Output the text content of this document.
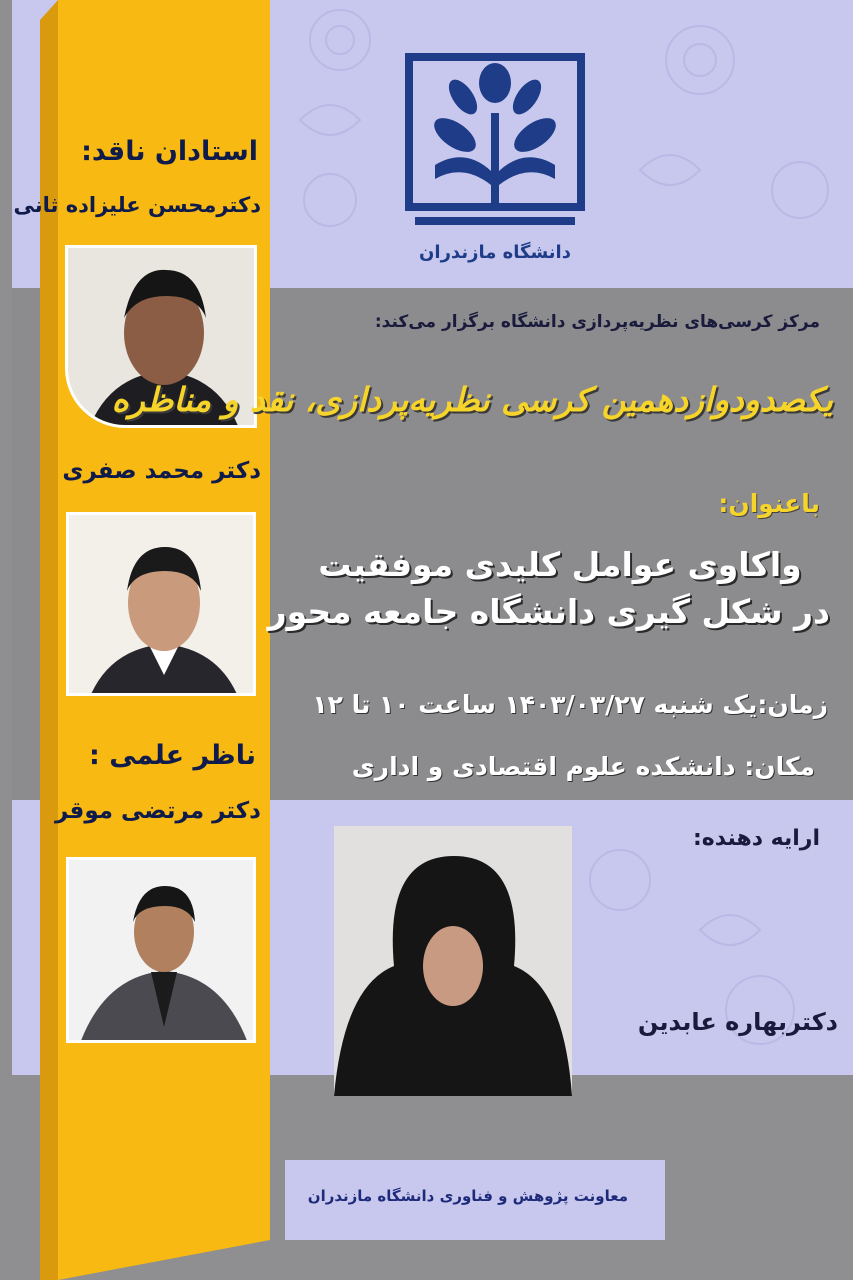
استادان ناقد:
دکترمحسن علیزاده ثانی
دکتر محمد صفری
ناظر علمی :
دکتر مرتضی موقر
دانشگاه مازندران
مرکز کرسی‌های نظریه‌پردازی دانشگاه برگزار می‌کند:
یکصدودوازدهمین کرسی نظریه‌پردازی، نقد و مناظره
باعنوان:
واکاوی عوامل کلیدی موفقیت
در شکل گیری دانشگاه جامعه محور
زمان:یک شنبه ۱۴۰۳/۰۳/۲۷ ساعت ۱۰ تا ۱۲
مکان: دانشکده علوم اقتصادی و اداری
ارایه دهنده:
دکتربهاره عابدین
معاونت پژوهش و فناوری دانشگاه مازندران
